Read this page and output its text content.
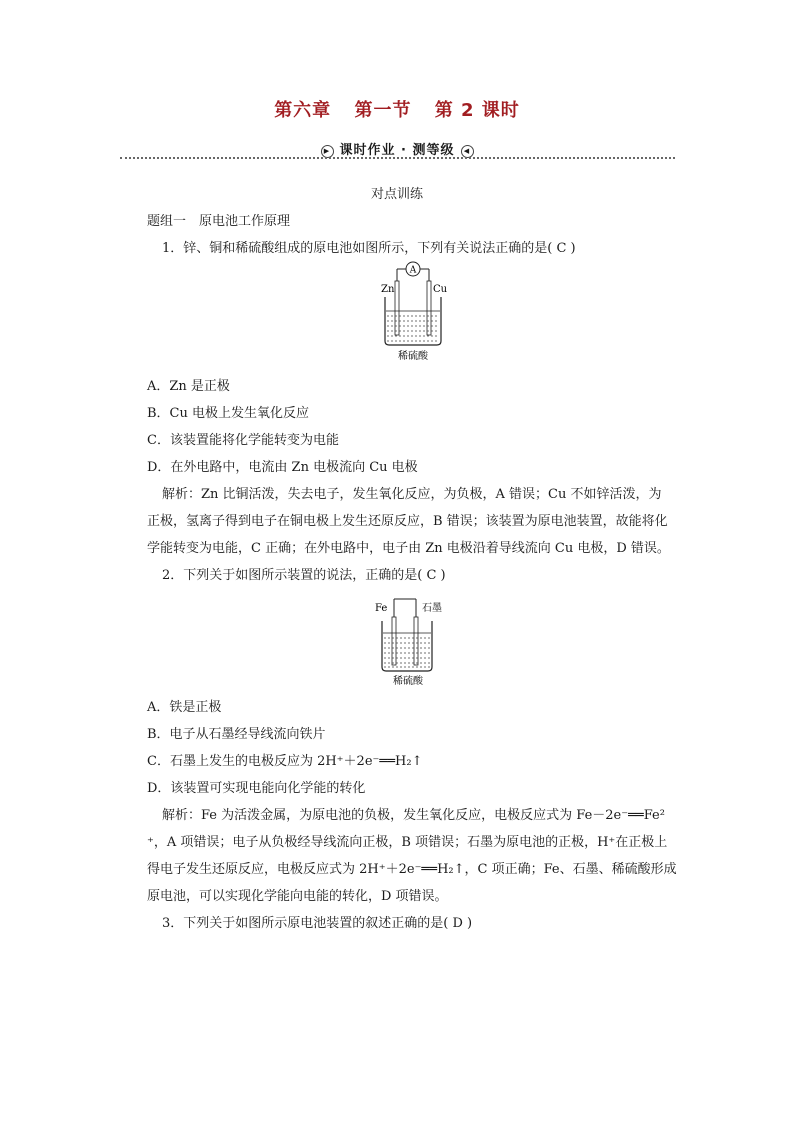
第六章 第一节 第 2 课时
▶ 课时作业 · 测等级 ◀
对点训练
题组一　原电池工作原理
1．锌、铜和稀硫酸组成的原电池如图所示，下列有关说法正确的是( C )
A
Zn	Cu
稀硫酸
A．Zn 是正极
B．Cu 电极上发生氧化反应
C．该装置能将化学能转变为电能
D．在外电路中，电流由 Zn 电极流向 Cu 电极
解析：Zn 比铜活泼，失去电子，发生氧化反应，为负极，A 错误；Cu 不如锌活泼，为
正极，氢离子得到电子在铜电极上发生还原反应，B 错误；该装置为原电池装置，故能将化
学能转变为电能，C 正确；在外电路中，电子由 Zn 电极沿着导线流向 Cu 电极，D 错误。
2．下列关于如图所示装置的说法，正确的是( C )
Fe	石墨
稀硫酸
A．铁是正极
B．电子从石墨经导线流向铁片
C．石墨上发生的电极反应为 2H⁺＋2e⁻══H₂↑
D．该装置可实现电能向化学能的转化
解析：Fe 为活泼金属，为原电池的负极，发生氧化反应，电极反应式为 Fe－2e⁻══Fe²
⁺，A 项错误；电子从负极经导线流向正极，B 项错误；石墨为原电池的正极，H⁺在正极上
得电子发生还原反应，电极反应式为 2H⁺＋2e⁻══H₂↑，C 项正确；Fe、石墨、稀硫酸形成
原电池，可以实现化学能向电能的转化，D 项错误。
3．下列关于如图所示原电池装置的叙述正确的是( D )
